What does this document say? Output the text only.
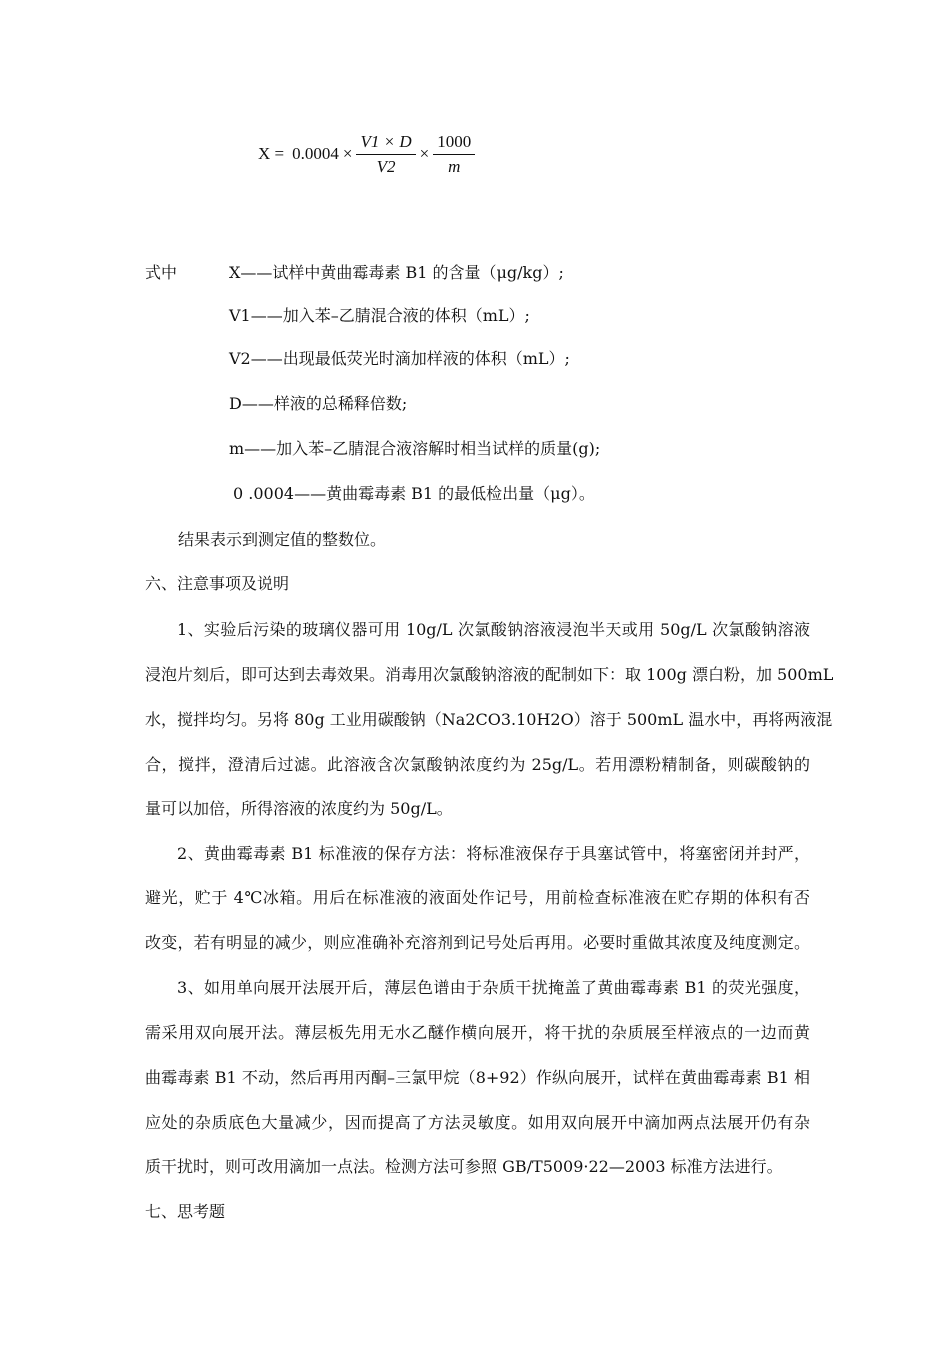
$X = 0.0004 \times \frac{V1 \times D}{V2} \times \frac{1000}{m}$
式中	X——试样中黄曲霉毒素 B1 的含量（μg/kg）;
V1——加入苯–乙腈混合液的体积（mL）;
V2——出现最低荧光时滴加样液的体积（mL）;
D——样液的总稀释倍数;
m——加入苯–乙腈混合液溶解时相当试样的质量(g);
0 .0004——黄曲霉毒素 B1 的最低检出量（μg）。
结果表示到测定值的整数位。
六、注意事项及说明
1、实验后污染的玻璃仪器可用 10g/L 次氯酸钠溶液浸泡半天或用 50g/L 次氯酸钠溶液
浸泡片刻后，即可达到去毒效果。消毒用次氯酸钠溶液的配制如下：取 100g 漂白粉，加 500mL
水，搅拌均匀。另将 80g 工业用碳酸钠（Na2CO3.10H2O）溶于 500mL 温水中，再将两液混
合，搅拌，澄清后过滤。此溶液含次氯酸钠浓度约为 25g/L。若用漂粉精制备，则碳酸钠的
量可以加倍，所得溶液的浓度约为 50g/L。
2、黄曲霉毒素 B1 标准液的保存方法：将标准液保存于具塞试管中，将塞密闭并封严，
避光，贮于 4℃冰箱。用后在标准液的液面处作记号，用前检查标准液在贮存期的体积有否
改变，若有明显的减少，则应准确补充溶剂到记号处后再用。必要时重做其浓度及纯度测定。
3、如用单向展开法展开后，薄层色谱由于杂质干扰掩盖了黄曲霉毒素 B1 的荧光强度，
需采用双向展开法。薄层板先用无水乙醚作横向展开，将干扰的杂质展至样液点的一边而黄
曲霉毒素 B1 不动，然后再用丙酮–三氯甲烷（8+92）作纵向展开，试样在黄曲霉毒素 B1 相
应处的杂质底色大量减少，因而提高了方法灵敏度。如用双向展开中滴加两点法展开仍有杂
质干扰时，则可改用滴加一点法。检测方法可参照 GB/T5009·22—2003 标准方法进行。
七、思考题
